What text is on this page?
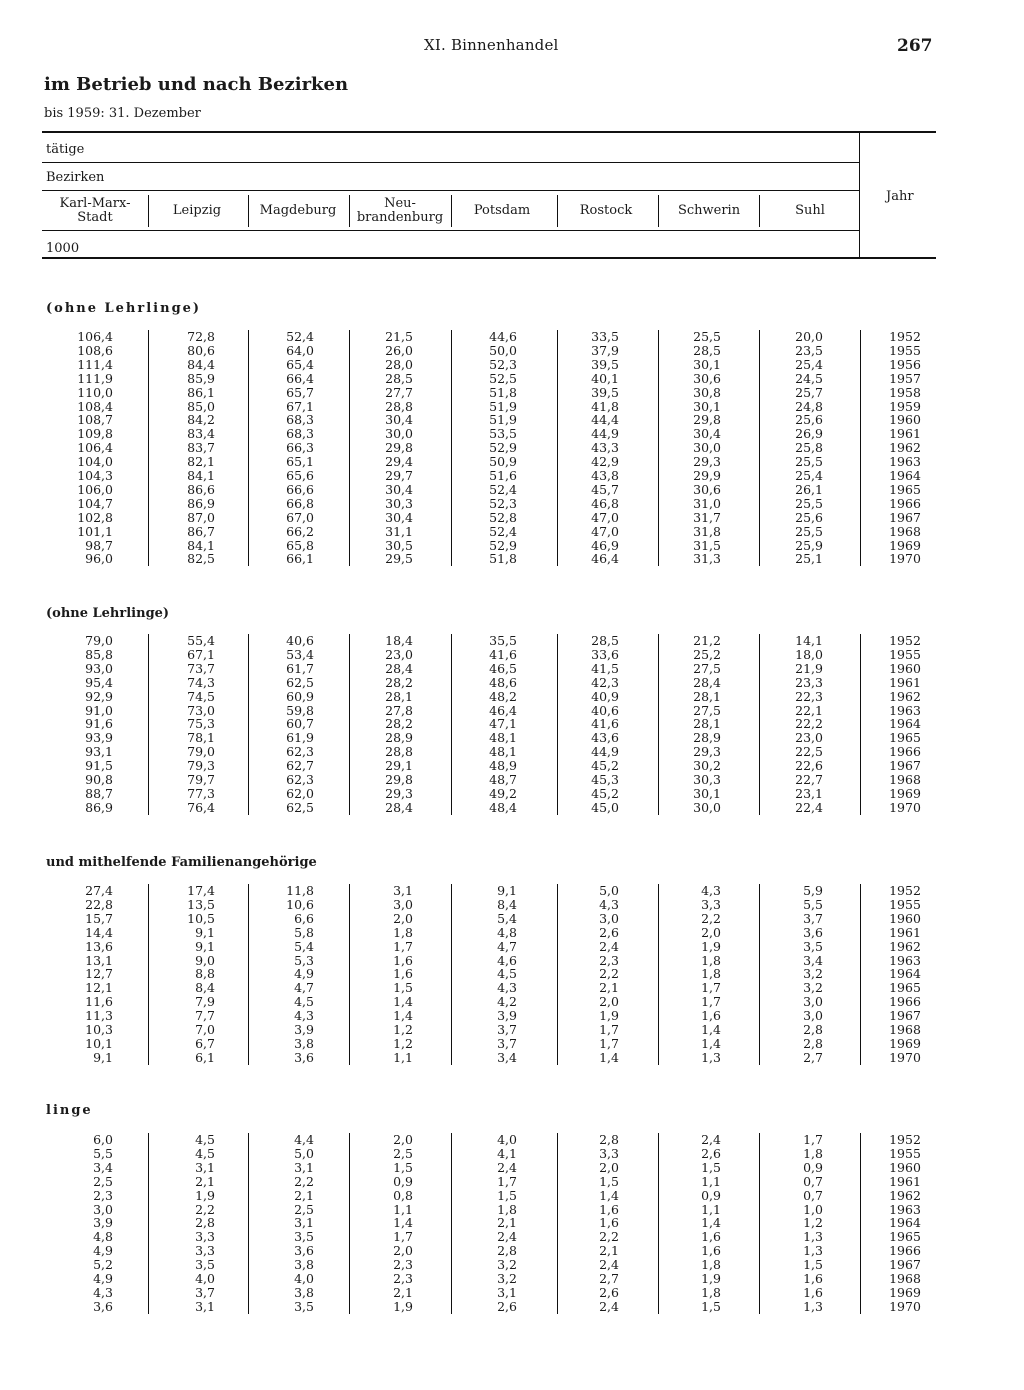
XI. Binnenhandel	267
im Betrieb und nach Bezirken
bis 1959: 31. Dezember
tätige
Bezirken
Karl-Marx-
Stadt	Leipzig	Magdeburg	Neu-
brandenburg	Potsdam	Rostock	Schwerin	Suhl
1000
Jahr
(ohne Lehrlinge)
106,4	72,8	52,4	21,5	44,6	33,5	25,5	20,0	1952
108,6	80,6	64,0	26,0	50,0	37,9	28,5	23,5	1955
111,4	84,4	65,4	28,0	52,3	39,5	30,1	25,4	1956
111,9	85,9	66,4	28,5	52,5	40,1	30,6	24,5	1957
110,0	86,1	65,7	27,7	51,8	39,5	30,8	25,7	1958
108,4	85,0	67,1	28,8	51,9	41,8	30,1	24,8	1959
108,7	84,2	68,3	30,4	51,9	44,4	29,8	25,6	1960
109,8	83,4	68,3	30,0	53,5	44,9	30,4	26,9	1961
106,4	83,7	66,3	29,8	52,9	43,3	30,0	25,8	1962
104,0	82,1	65,1	29,4	50,9	42,9	29,3	25,5	1963
104,3	84,1	65,6	29,7	51,6	43,8	29,9	25,4	1964
106,0	86,6	66,6	30,4	52,4	45,7	30,6	26,1	1965
104,7	86,9	66,8	30,3	52,3	46,8	31,0	25,5	1966
102,8	87,0	67,0	30,4	52,8	47,0	31,7	25,6	1967
101,1	86,7	66,2	31,1	52,4	47,0	31,8	25,5	1968
98,7	84,1	65,8	30,5	52,9	46,9	31,5	25,9	1969
96,0	82,5	66,1	29,5	51,8	46,4	31,3	25,1	1970
(ohne Lehrlinge)
79,0	55,4	40,6	18,4	35,5	28,5	21,2	14,1	1952
85,8	67,1	53,4	23,0	41,6	33,6	25,2	18,0	1955
93,0	73,7	61,7	28,4	46,5	41,5	27,5	21,9	1960
95,4	74,3	62,5	28,2	48,6	42,3	28,4	23,3	1961
92,9	74,5	60,9	28,1	48,2	40,9	28,1	22,3	1962
91,0	73,0	59,8	27,8	46,4	40,6	27,5	22,1	1963
91,6	75,3	60,7	28,2	47,1	41,6	28,1	22,2	1964
93,9	78,1	61,9	28,9	48,1	43,6	28,9	23,0	1965
93,1	79,0	62,3	28,8	48,1	44,9	29,3	22,5	1966
91,5	79,3	62,7	29,1	48,9	45,2	30,2	22,6	1967
90,8	79,7	62,3	29,8	48,7	45,3	30,3	22,7	1968
88,7	77,3	62,0	29,3	49,2	45,2	30,1	23,1	1969
86,9	76,4	62,5	28,4	48,4	45,0	30,0	22,4	1970
und mithelfende Familienangehörige
27,4	17,4	11,8	3,1	9,1	5,0	4,3	5,9	1952
22,8	13,5	10,6	3,0	8,4	4,3	3,3	5,5	1955
15,7	10,5	6,6	2,0	5,4	3,0	2,2	3,7	1960
14,4	9,1	5,8	1,8	4,8	2,6	2,0	3,6	1961
13,6	9,1	5,4	1,7	4,7	2,4	1,9	3,5	1962
13,1	9,0	5,3	1,6	4,6	2,3	1,8	3,4	1963
12,7	8,8	4,9	1,6	4,5	2,2	1,8	3,2	1964
12,1	8,4	4,7	1,5	4,3	2,1	1,7	3,2	1965
11,6	7,9	4,5	1,4	4,2	2,0	1,7	3,0	1966
11,3	7,7	4,3	1,4	3,9	1,9	1,6	3,0	1967
10,3	7,0	3,9	1,2	3,7	1,7	1,4	2,8	1968
10,1	6,7	3,8	1,2	3,7	1,7	1,4	2,8	1969
9,1	6,1	3,6	1,1	3,4	1,4	1,3	2,7	1970
linge
6,0	4,5	4,4	2,0	4,0	2,8	2,4	1,7	1952
5,5	4,5	5,0	2,5	4,1	3,3	2,6	1,8	1955
3,4	3,1	3,1	1,5	2,4	2,0	1,5	0,9	1960
2,5	2,1	2,2	0,9	1,7	1,5	1,1	0,7	1961
2,3	1,9	2,1	0,8	1,5	1,4	0,9	0,7	1962
3,0	2,2	2,5	1,1	1,8	1,6	1,1	1,0	1963
3,9	2,8	3,1	1,4	2,1	1,6	1,4	1,2	1964
4,8	3,3	3,5	1,7	2,4	2,2	1,6	1,3	1965
4,9	3,3	3,6	2,0	2,8	2,1	1,6	1,3	1966
5,2	3,5	3,8	2,3	3,2	2,4	1,8	1,5	1967
4,9	4,0	4,0	2,3	3,2	2,7	1,9	1,6	1968
4,3	3,7	3,8	2,1	3,1	2,6	1,8	1,6	1969
3,6	3,1	3,5	1,9	2,6	2,4	1,5	1,3	1970
